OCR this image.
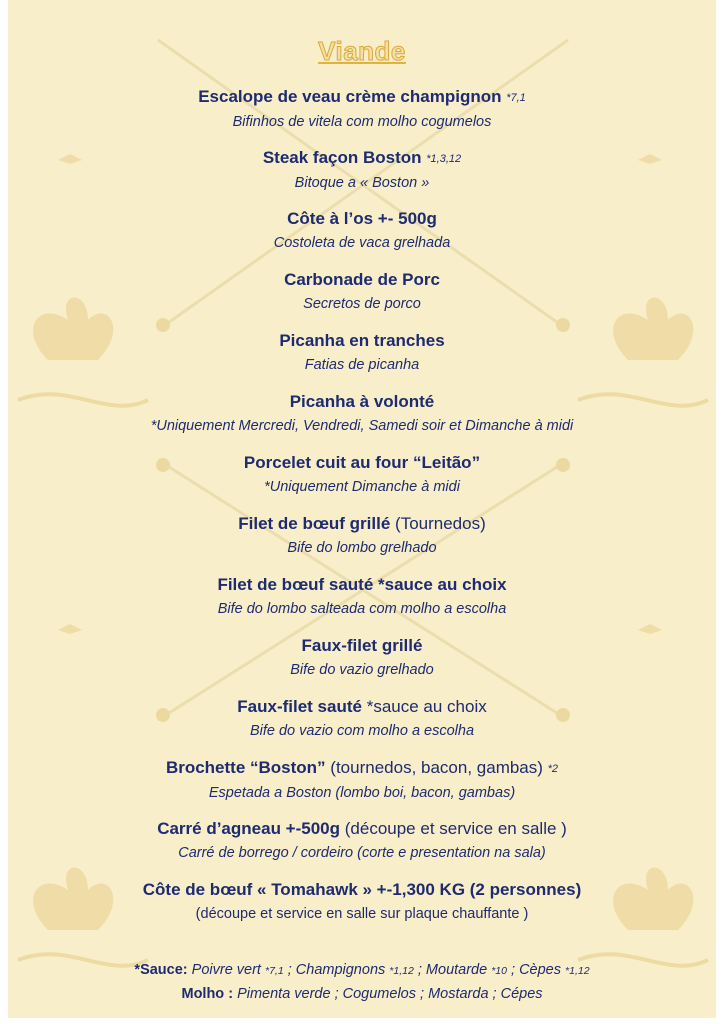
Viande
Escalope de veau crème champignon *7,1
Bifinhos de vitela com molho cogumelos
Steak façon Boston *1,3,12
Bitoque a « Boston »
Côte à l’os +- 500g
Costoleta de vaca grelhada
Carbonade de Porc
Secretos de porco
Picanha en tranches
Fatias de picanha
Picanha à volonté
*Uniquement Mercredi, Vendredi, Samedi soir et Dimanche à midi
Porcelet cuit au four “Leitão”
*Uniquement Dimanche à midi
Filet de bœuf grillé (Tournedos)
Bife do lombo grelhado
Filet de bœuf sauté *sauce au choix
Bife do lombo salteada com molho a escolha
Faux-filet grillé
Bife do vazio grelhado
Faux-filet sauté *sauce au choix
Bife do vazio com molho a escolha
Brochette “Boston” (tournedos, bacon, gambas) *2
Espetada a Boston (lombo boi, bacon, gambas)
Carré d’agneau +-500g (découpe et service en salle )
Carré de borrego / cordeiro (corte e presentation na sala)
Côte de bœuf « Tomahawk » +-1,300 KG (2 personnes)
(découpe et service en salle sur plaque chauffante )
*Sauce: Poivre vert *7,1 ; Champignons *1,12 ; Moutarde *10 ; Cèpes *1,12
Molho : Pimenta verde ; Cogumelos ; Mostarda ; Cépes
